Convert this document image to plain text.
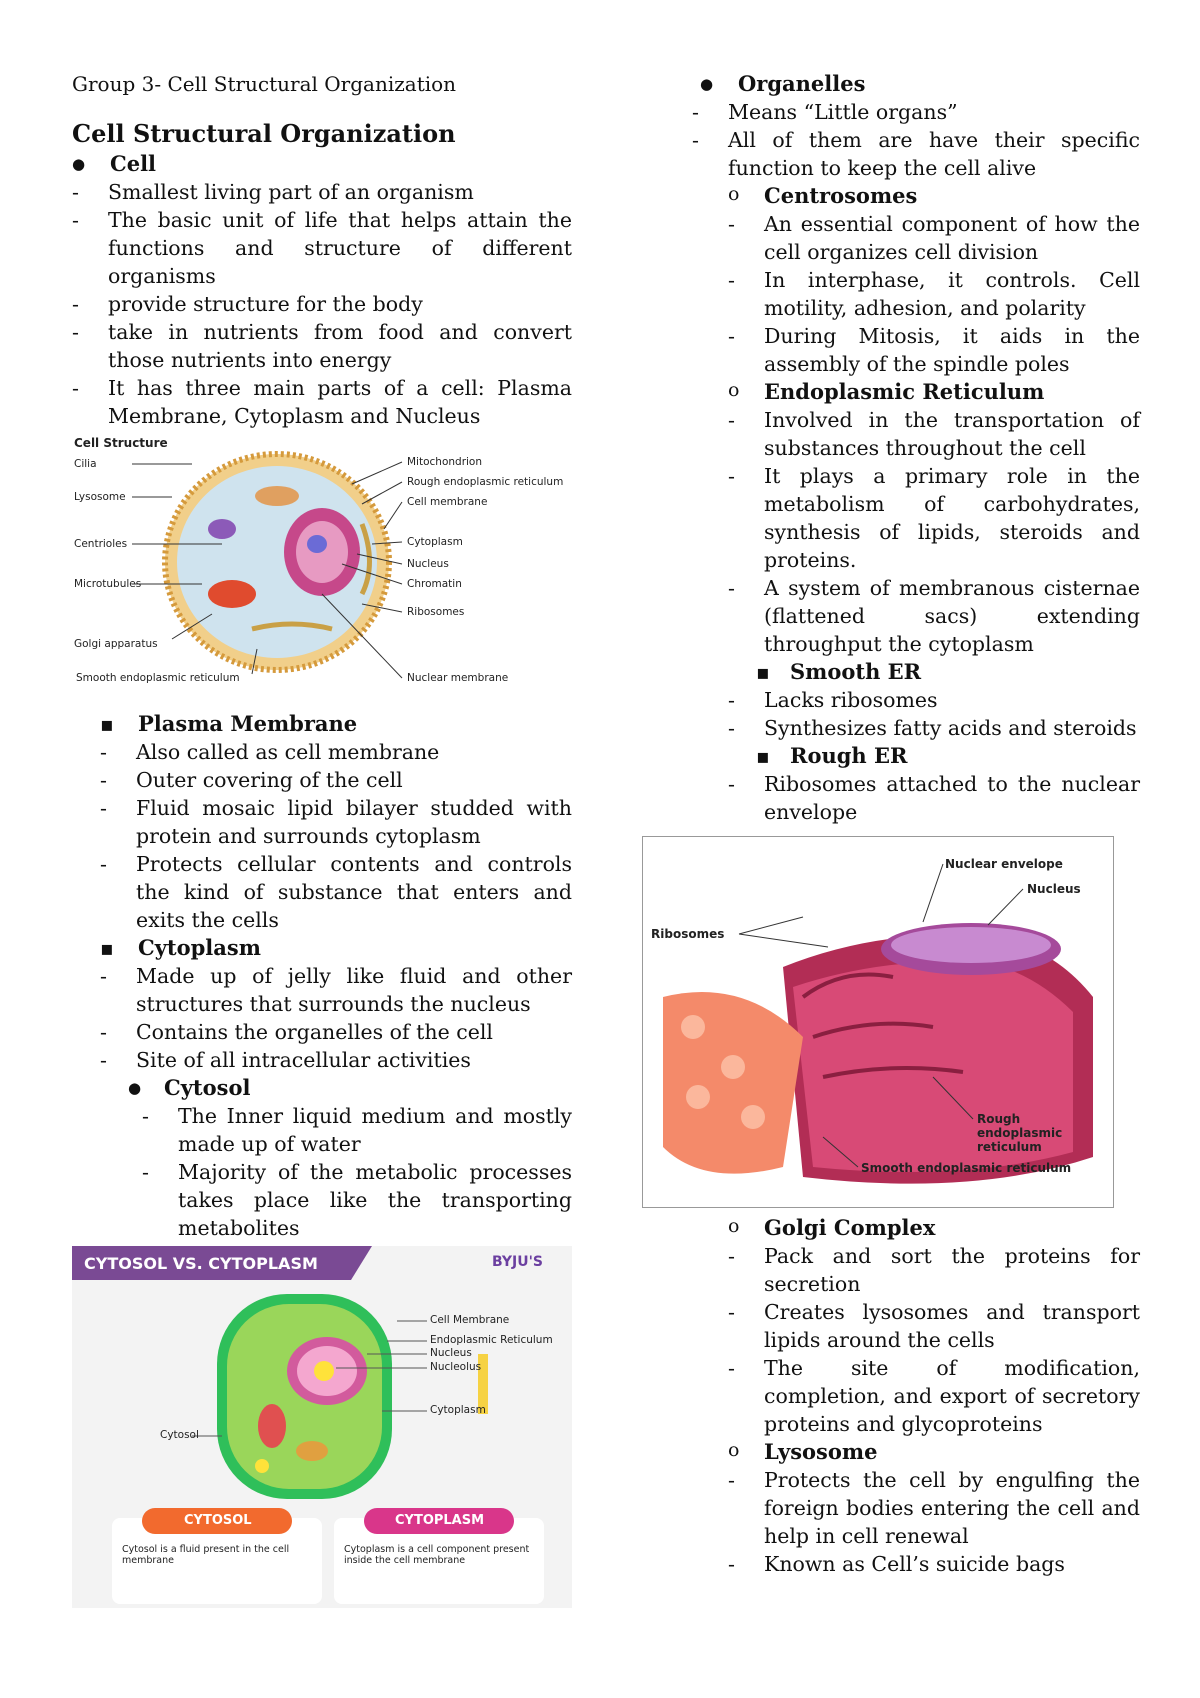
Group 3- Cell Structural Organization
Cell Structural Organization
● Cell
- Smallest living part of an organism
- The basic unit of life that helps attain the functions and structure of different organisms
- provide structure for the body
- take in nutrients from food and convert those nutrients into energy
- It has three main parts of a cell: Plasma Membrane, Cytoplasm and Nucleus
Cell Structure
Cilia
Lysosome
Centrioles
Microtubules
Golgi apparatus
Smooth endoplasmic reticulum
Mitochondrion
Rough endoplasmic reticulum
Cell membrane
Cytoplasm
Nucleus
Chromatin
Ribosomes
Nuclear membrane
▪ Plasma Membrane
- Also called as cell membrane
- Outer covering of the cell
- Fluid mosaic lipid bilayer studded with protein and surrounds cytoplasm
- Protects cellular contents and controls the kind of substance that enters and exits the cells
▪ Cytoplasm
- Made up of jelly like fluid and other structures that surrounds the nucleus
- Contains the organelles of the cell
- Site of all intracellular activities
● Cytosol
- The Inner liquid medium and mostly made up of water
- Majority of the metabolic processes takes place like the transporting metabolites
CYTOSOL VS. CYTOPLASM	BYJU'S
Cell Membrane
Endoplasmic Reticulum
Nucleus
Nucleolus
Cytoplasm
Cytosol
CYTOSOL	CYTOPLASM
Cytosol is a fluid present in the cell membrane
Cytoplasm is a cell component present inside the cell membrane
● Organelles
- Means “Little organs”
- All of them are have their specific function to keep the cell alive
o Centrosomes
- An essential component of how the cell organizes cell division
- In interphase, it controls. Cell motility, adhesion, and polarity
- During Mitosis, it aids in the assembly of the spindle poles
o Endoplasmic Reticulum
- Involved in the transportation of substances throughout the cell
- It plays a primary role in the metabolism of carbohydrates, synthesis of lipids, steroids and proteins.
- A system of membranous cisternae (flattened sacs) extending throughput the cytoplasm
▪ Smooth ER
- Lacks ribosomes
- Synthesizes fatty acids and steroids
▪ Rough ER
- Ribosomes attached to the nuclear envelope
Nuclear envelope
Nucleus
Ribosomes
Rough endoplasmic reticulum
Smooth endoplasmic reticulum
o Golgi Complex
- Pack and sort the proteins for secretion
- Creates lysosomes and transport lipids around the cells
- The site of modification, completion, and export of secretory proteins and glycoproteins
o Lysosome
- Protects the cell by engulfing the foreign bodies entering the cell and help in cell renewal
- Known as Cell’s suicide bags
